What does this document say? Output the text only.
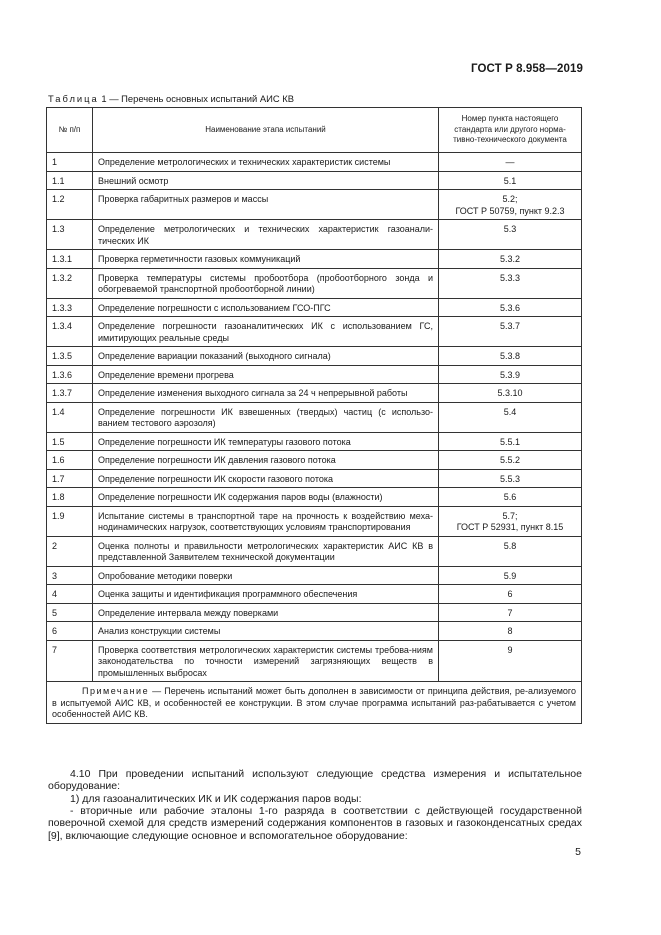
ГОСТ Р 8.958—2019
Таблица 1 — Перечень основных испытаний АИС КВ
№ п/п	Наименование этапа испытаний	Номер пункта настоящего стандарта или другого норма-тивно-технического документа
1	Определение метрологических и технических характеристик системы	—
1.1	Внешний осмотр	5.1
1.2	Проверка габаритных размеров и массы	5.2;
ГОСТ Р 50759, пункт 9.2.3
1.3	Определение метрологических и технических характеристик газоанали-тических ИК	5.3
1.3.1	Проверка герметичности газовых коммуникаций	5.3.2
1.3.2	Проверка температуры системы пробоотбора (пробоотборного зонда и обогреваемой транспортной пробоотборной линии)	5.3.3
1.3.3	Определение погрешности с использованием ГСО-ПГС	5.3.6
1.3.4	Определение погрешности газоаналитических ИК с использованием ГС, имитирующих реальные среды	5.3.7
1.3.5	Определение вариации показаний (выходного сигнала)	5.3.8
1.3.6	Определение времени прогрева	5.3.9
1.3.7	Определение изменения выходного сигнала за 24 ч непрерывной работы	5.3.10
1.4	Определение погрешности ИК взвешенных (твердых) частиц (с использо-ванием тестового аэрозоля)	5.4
1.5	Определение погрешности ИК температуры газового потока	5.5.1
1.6	Определение погрешности ИК давления газового потока	5.5.2
1.7	Определение погрешности ИК скорости газового потока	5.5.3
1.8	Определение погрешности ИК содержания паров воды (влажности)	5.6
1.9	Испытание системы в транспортной таре на прочность к воздействию меха-нодинамических нагрузок, соответствующих условиям транспортирования	5.7;
ГОСТ Р 52931, пункт 8.15
2	Оценка полноты и правильности метрологических характеристик АИС КВ в представленной Заявителем технической документации	5.8
3	Опробование методики поверки	5.9
4	Оценка защиты и идентификация программного обеспечения	6
5	Определение интервала между поверками	7
6	Анализ конструкции системы	8
7	Проверка соответствия метрологических характеристик системы требова-ниям законодательства по точности измерений загрязняющих веществ в промышленных выбросах	9
Примечание — Перечень испытаний может быть дополнен в зависимости от принципа действия, ре-ализуемого в испытуемой АИС КВ, и особенностей ее конструкции. В этом случае программа испытаний раз-рабатывается с учетом особенностей АИС КВ.		
4.10 При проведении испытаний используют следующие средства измерения и испытательное оборудование:
1) для газоаналитических ИК и ИК содержания паров воды:
- вторичные или рабочие эталоны 1-го разряда в соответствии с действующей государственной поверочной схемой для средств измерений содержания компонентов в газовых и газоконденсатных средах [9], включающие следующие основное и вспомогательное оборудование:
5
